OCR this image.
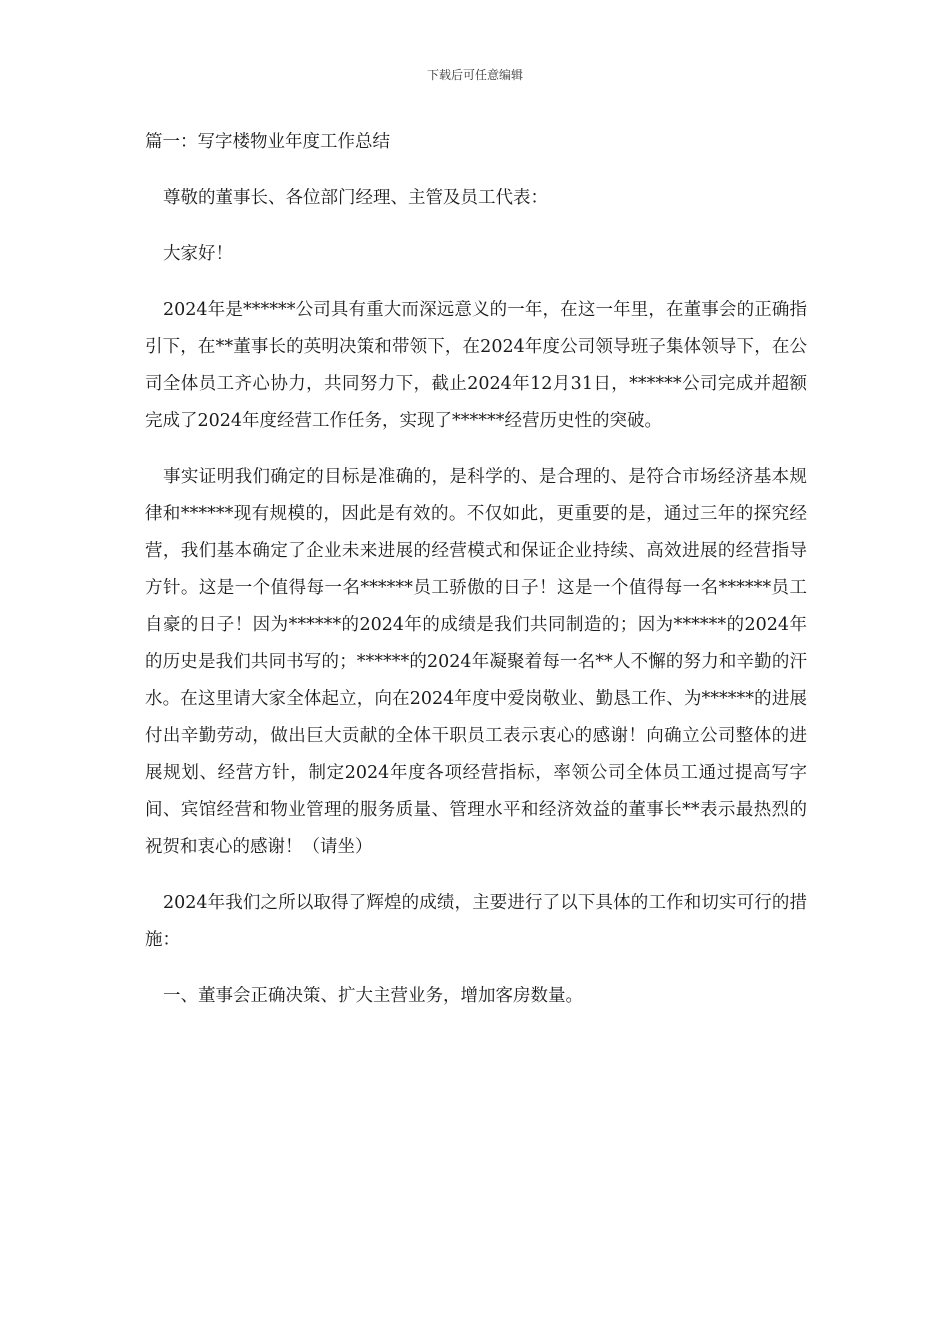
下载后可任意编辑

篇一：写字楼物业年度工作总结

尊敬的董事长、各位部门经理、主管及员工代表：

大家好！

2024年是******公司具有重大而深远意义的一年，在这一年里，在董事会的正确指引下，在**董事长的英明决策和带领下，在2024年度公司领导班子集体领导下，在公司全体员工齐心协力，共同努力下，截止2024年12月31日，******公司完成并超额完成了2024年度经营工作任务，实现了******经营历史性的突破。

事实证明我们确定的目标是准确的，是科学的、是合理的、是符合市场经济基本规律和******现有规模的，因此是有效的。不仅如此，更重要的是，通过三年的探究经营，我们基本确定了企业未来进展的经营模式和保证企业持续、高效进展的经营指导方针。这是一个值得每一名******员工骄傲的日子！这是一个值得每一名******员工自豪的日子！因为******的2024年的成绩是我们共同制造的；因为******的2024年的历史是我们共同书写的；******的2024年凝聚着每一名**人不懈的努力和辛勤的汗水。在这里请大家全体起立，向在2024年度中爱岗敬业、勤恳工作、为******的进展付出辛勤劳动，做出巨大贡献的全体干职员工表示衷心的感谢！向确立公司整体的进展规划、经营方针，制定2024年度各项经营指标，率领公司全体员工通过提高写字间、宾馆经营和物业管理的服务质量、管理水平和经济效益的董事长**表示最热烈的祝贺和衷心的感谢！（请坐）

2024年我们之所以取得了辉煌的成绩，主要进行了以下具体的工作和切实可行的措施：

一、董事会正确决策、扩大主营业务，增加客房数量。
